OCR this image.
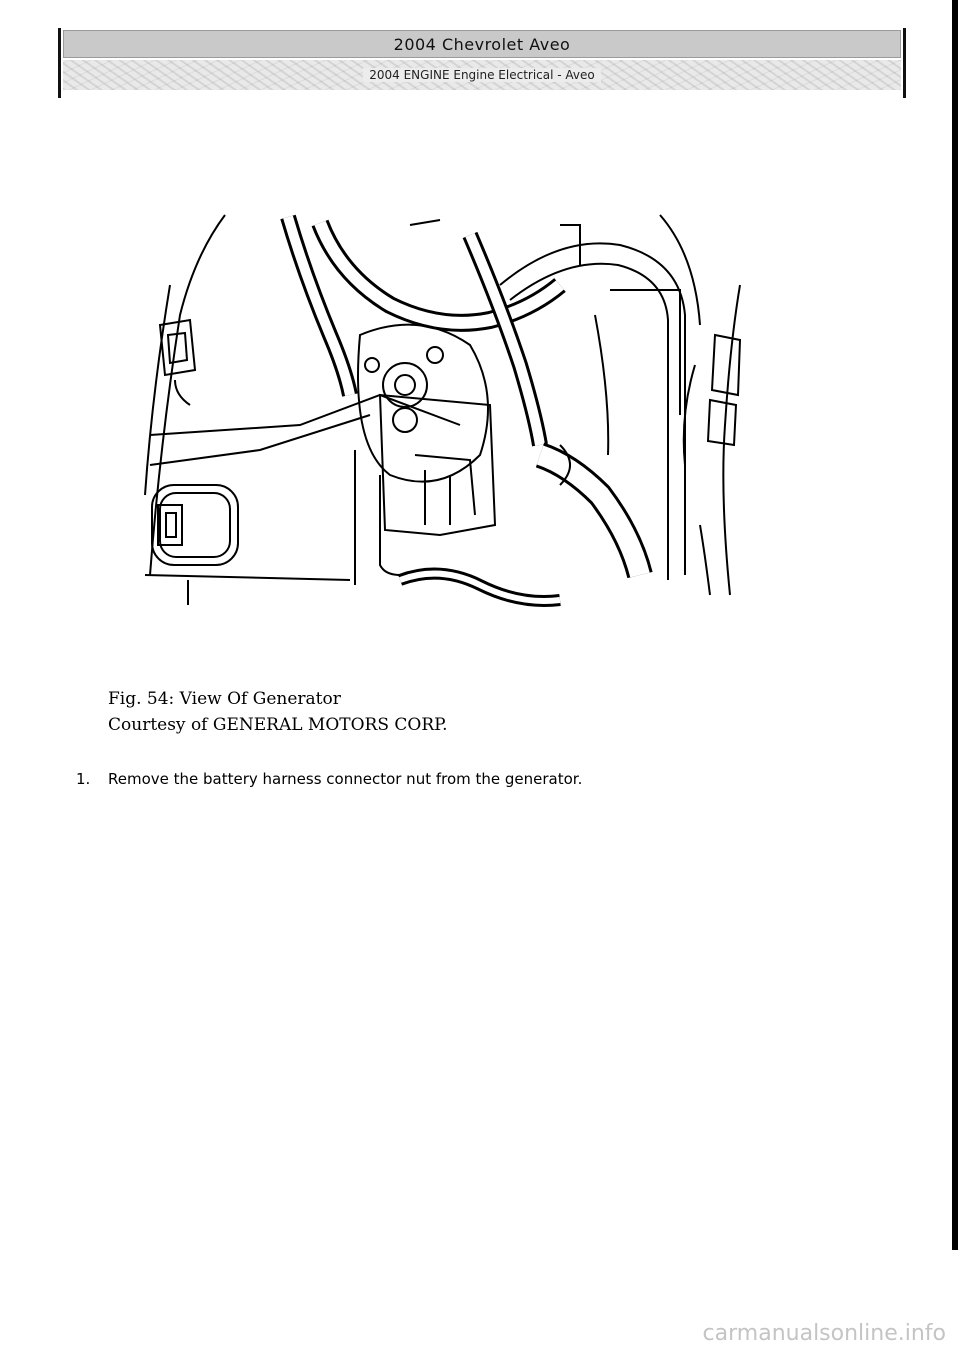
2004 Chevrolet Aveo
2004 ENGINE Engine Electrical - Aveo
Fig. 54: View Of Generator
Courtesy of GENERAL MOTORS CORP.
1.	Remove the battery harness connector nut from the generator.
carmanualsonline.info
